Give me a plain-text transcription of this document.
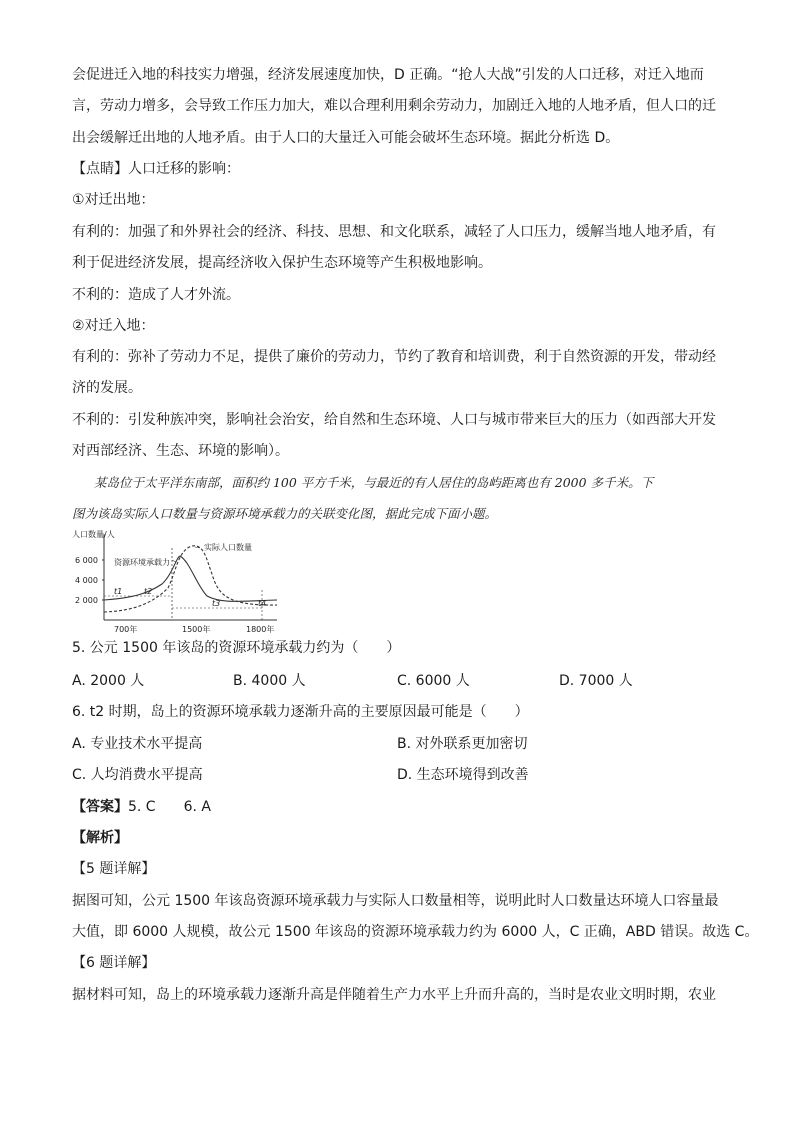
会促进迁入地的科技实力增强，经济发展速度加快，D 正确。“抢人大战”引发的人口迁移，对迁入地而
言，劳动力增多，会导致工作压力加大，难以合理利用剩余劳动力，加剧迁入地的人地矛盾，但人口的迁
出会缓解迁出地的人地矛盾。由于人口的大量迁入可能会破坏生态环境。据此分析选 D。
【点睛】人口迁移的影响：
①对迁出地：
有利的：加强了和外界社会的经济、科技、思想、和文化联系，减轻了人口压力，缓解当地人地矛盾，有
利于促进经济发展，提高经济收入保护生态环境等产生积极地影响。
不利的：造成了人才外流。
②对迁入地：
有利的：弥补了劳动力不足，提供了廉价的劳动力，节约了教育和培训费，利于自然资源的开发，带动经
济的发展。
不利的：引发种族冲突，影响社会治安，给自然和生态环境、人口与城市带来巨大的压力（如西部大开发
对西部经济、生态、环境的影响）。
某岛位于太平洋东南部，面积约 100 平方千米，与最近的有人居住的岛屿距离也有 2000 多千米。下
图为该岛实际人口数量与资源环境承载力的关联变化图，据此完成下面小题。
人口数量/人
2 000
4 000
6 000
700年	1500年	1800年
资源环境承载力
实际人口数量
t1	t2
t3	t4
5. 公元 1500 年该岛的资源环境承载力约为（　　）
A. 2000 人	B. 4000 人	C. 6000 人	D. 7000 人
6. t2 时期，岛上的资源环境承载力逐渐升高的主要原因最可能是（　　）
A. 专业技术水平提高	B. 对外联系更加密切
C. 人均消费水平提高	D. 生态环境得到改善
【答案】5. C　　6. A
【解析】
【5 题详解】
据图可知，公元 1500 年该岛资源环境承载力与实际人口数量相等，说明此时人口数量达环境人口容量最
大值，即 6000 人规模，故公元 1500 年该岛的资源环境承载力约为 6000 人，C 正确，ABD 错误。故选 C。
【6 题详解】
据材料可知，岛上的环境承载力逐渐升高是伴随着生产力水平上升而升高的，当时是农业文明时期，农业
